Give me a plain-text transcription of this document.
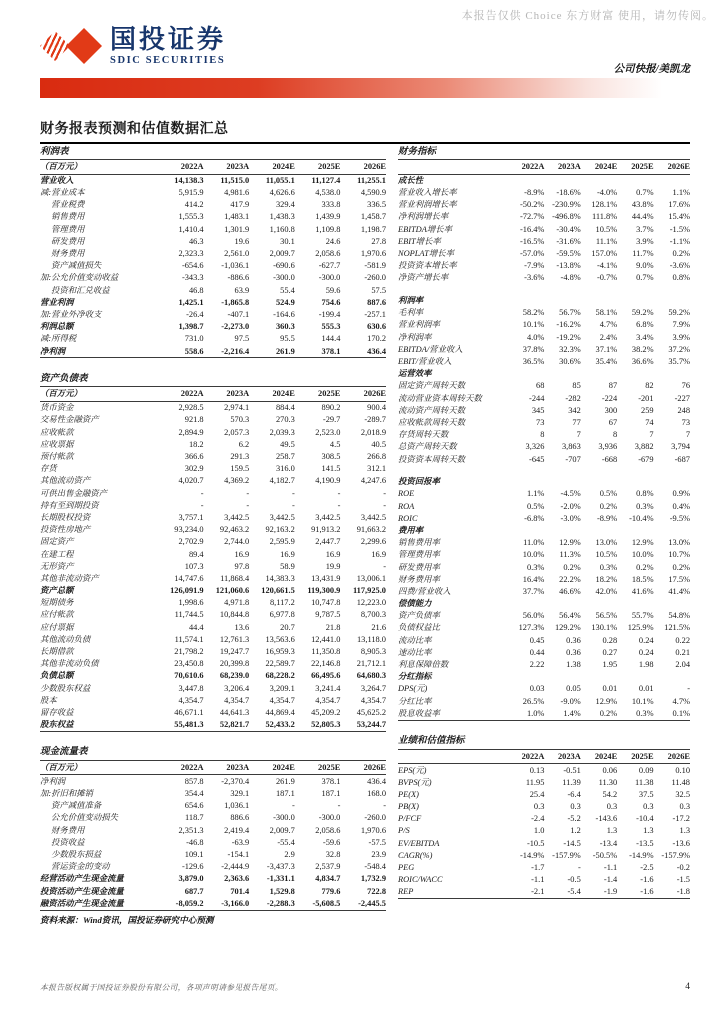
本报告仅供 Choice 东方财富 使用，请勿传阅。
国投证券
SDIC SECURITIES
公司快报/美凯龙
财务报表预测和估值数据汇总
利润表					
（百万元）	2022A	2023A	2024E	2025E	2026E
营业收入	14,138.3	11,515.0	11,055.1	11,127.4	11,255.1
减:营业成本	5,915.9	4,981.6	4,626.6	4,538.0	4,590.9
营业税费	414.2	417.9	329.4	333.8	336.5
销售费用	1,555.3	1,483.1	1,438.3	1,439.9	1,458.7
管理费用	1,410.4	1,301.9	1,160.8	1,109.8	1,198.7
研发费用	46.3	19.6	30.1	24.6	27.8
财务费用	2,323.3	2,561.0	2,009.7	2,058.6	1,970.6
资产减值损失	-654.6	-1,036.1	-690.6	-627.7	-581.9
加:公允价值变动收益	-343.3	-886.6	-300.0	-300.0	-260.0
投资和汇兑收益	46.8	63.9	55.4	59.6	57.5
营业利润	1,425.1	-1,865.8	524.9	754.6	887.6
加:营业外净收支	-26.4	-407.1	-164.6	-199.4	-257.1
利润总额	1,398.7	-2,273.0	360.3	555.3	630.6
减:所得税	731.0	97.5	95.5	144.4	170.2
净利润	558.6	-2,216.4	261.9	378.1	436.4
资产负债表					
（百万元）	2022A	2023A	2024E	2025E	2026E
货币资金	2,928.5	2,974.1	884.4	890.2	900.4
交易性金融资产	921.8	570.3	270.3	-29.7	-289.7
应收帐款	2,894.9	2,057.3	2,039.3	2,523.0	2,018.9
应收票据	18.2	6.2	49.5	4.5	40.5
预付帐款	366.6	291.3	258.7	308.5	266.8
存货	302.9	159.5	316.0	141.5	312.1
其他流动资产	4,020.7	4,369.2	4,182.7	4,190.9	4,247.6
可供出售金融资产	-	-	-	-	-
持有至到期投资	-	-	-	-	-
长期股权投资	3,757.1	3,442.5	3,442.5	3,442.5	3,442.5
投资性房地产	93,234.0	92,463.2	92,163.2	91,913.2	91,663.2
固定资产	2,702.9	2,744.0	2,595.9	2,447.7	2,299.6
在建工程	89.4	16.9	16.9	16.9	16.9
无形资产	107.3	97.8	58.9	19.9	-
其他非流动资产	14,747.6	11,868.4	14,383.3	13,431.9	13,006.1
资产总额	126,091.9	121,060.6	120,661.5	119,300.9	117,925.0
短期债务	1,998.6	4,971.8	8,117.2	10,747.8	12,223.0
应付帐款	11,744.5	10,844.8	6,977.8	9,787.5	8,700.3
应付票据	44.4	13.6	20.7	21.8	21.6
其他流动负债	11,574.1	12,761.3	13,563.6	12,441.0	13,118.0
长期借款	21,798.2	19,247.7	16,959.3	11,350.8	8,905.3
其他非流动负债	23,450.8	20,399.8	22,589.7	22,146.8	21,712.1
负债总额	70,610.6	68,239.0	68,228.2	66,495.6	64,680.3
少数股东权益	3,447.8	3,206.4	3,209.1	3,241.4	3,264.7
股本	4,354.7	4,354.7	4,354.7	4,354.7	4,354.7
留存收益	46,671.1	44,641.3	44,869.4	45,209.2	45,625.2
股东权益	55,481.3	52,821.7	52,433.2	52,805.3	53,244.7
现金流量表					
（百万元）	2022A	2023A	2024E	2025E	2026E
净利润	857.8	-2,370.4	261.9	378.1	436.4
加:折旧和摊销	354.4	329.1	187.1	187.1	168.0
资产减值准备	654.6	1,036.1	-	-	-
公允价值变动损失	118.7	886.6	-300.0	-300.0	-260.0
财务费用	2,351.3	2,419.4	2,009.7	2,058.6	1,970.6
投资收益	-46.8	-63.9	-55.4	-59.6	-57.5
少数股东损益	109.1	-154.1	2.9	32.8	23.9
营运资金的变动	-129.6	-2,444.9	-3,437.3	2,537.9	-548.4
经营活动产生现金流量	3,879.0	2,363.6	-1,331.1	4,834.7	1,732.9
投资活动产生现金流量	687.7	701.4	1,529.8	779.6	722.8
融资活动产生现金流量	-8,059.2	-3,166.0	-2,288.3	-5,608.5	-2,445.5
资料来源：Wind资讯，国投证券研究中心预测
财务指标					
	2022A	2023A	2024E	2025E	2026E
成长性					
营业收入增长率	-8.9%	-18.6%	-4.0%	0.7%	1.1%
营业利润增长率	-50.2%	-230.9%	128.1%	43.8%	17.6%
净利润增长率	-72.7%	-496.8%	111.8%	44.4%	15.4%
EBITDA增长率	-16.4%	-30.4%	10.5%	3.7%	-1.5%
EBIT增长率	-16.5%	-31.6%	11.1%	3.9%	-1.1%
NOPLAT增长率	-57.0%	-59.5%	157.0%	11.7%	0.2%
投资资本增长率	-7.9%	-13.8%	-4.1%	9.0%	-3.6%
净资产增长率	-3.6%	-4.8%	-0.7%	0.7%	0.8%

利润率					
毛利率	58.2%	56.7%	58.1%	59.2%	59.2%
营业利润率	10.1%	-16.2%	4.7%	6.8%	7.9%
净利润率	4.0%	-19.2%	2.4%	3.4%	3.9%
EBITDA/营业收入	37.8%	32.3%	37.1%	38.2%	37.2%
EBIT/营业收入	36.5%	30.6%	35.4%	36.6%	35.7%
运营效率					
固定资产周转天数	68	85	87	82	76
流动营业资本周转天数	-244	-282	-224	-201	-227
流动资产周转天数	345	342	300	259	248
应收帐款周转天数	73	77	67	74	73
存货周转天数	8	7	8	7	7
总资产周转天数	3,326	3,863	3,936	3,882	3,794
投资资本周转天数	-645	-707	-668	-679	-687

投资回报率					
ROE	1.1%	-4.5%	0.5%	0.8%	0.9%
ROA	0.5%	-2.0%	0.2%	0.3%	0.4%
ROIC	-6.8%	-3.0%	-8.9%	-10.4%	-9.5%
费用率					
销售费用率	11.0%	12.9%	13.0%	12.9%	13.0%
管理费用率	10.0%	11.3%	10.5%	10.0%	10.7%
研发费用率	0.3%	0.2%	0.3%	0.2%	0.2%
财务费用率	16.4%	22.2%	18.2%	18.5%	17.5%
四费/营业收入	37.7%	46.6%	42.0%	41.6%	41.4%
偿债能力					
资产负债率	56.0%	56.4%	56.5%	55.7%	54.8%
负债权益比	127.3%	129.2%	130.1%	125.9%	121.5%
流动比率	0.45	0.36	0.28	0.24	0.22
速动比率	0.44	0.36	0.27	0.24	0.21
利息保障倍数	2.22	1.38	1.95	1.98	2.04
分红指标					
DPS(元)	0.03	0.05	0.01	0.01	-
分红比率	26.5%	-9.0%	12.9%	10.1%	4.7%
股息收益率	1.0%	1.4%	0.2%	0.3%	0.1%
业绩和估值指标					
	2022A	2023A	2024E	2025E	2026E
EPS(元)	0.13	-0.51	0.06	0.09	0.10
BVPS(元)	11.95	11.39	11.30	11.38	11.48
PE(X)	25.4	-6.4	54.2	37.5	32.5
PB(X)	0.3	0.3	0.3	0.3	0.3
P/FCF	-2.4	-5.2	-143.6	-10.4	-17.2
P/S	1.0	1.2	1.3	1.3	1.3
EV/EBITDA	-10.5	-14.5	-13.4	-13.5	-13.6
CAGR(%)	-14.9%	-157.9%	-50.5%	-14.9%	-157.9%
PEG	-1.7	-	-1.1	-2.5	-0.2
ROIC/WACC	-1.1	-0.5	-1.4	-1.6	-1.5
REP	-2.1	-5.4	-1.9	-1.6	-1.8
本报告版权属于国投证券股份有限公司，各项声明请参见报告尾页。	4
